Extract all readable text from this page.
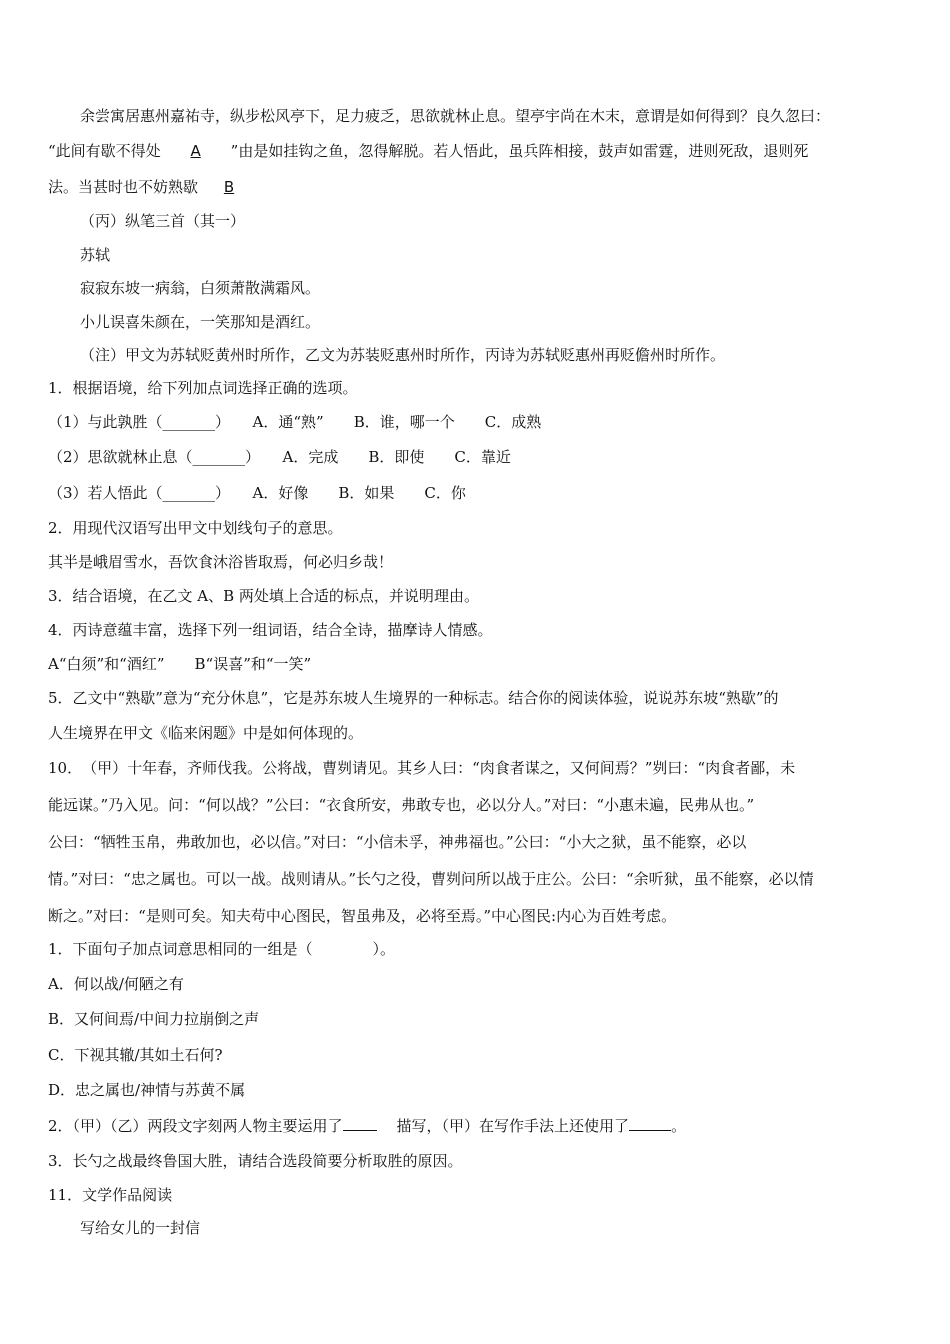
余尝寓居惠州嘉祐寺，纵步松风亭下，足力疲乏，思欲就林止息。望亭宇尚在木末，意谓是如何得到？良久忽曰：
“此间有歇不得处 A ”由是如挂钩之鱼，忽得解脱。若人悟此，虽兵阵相接，鼓声如雷霆，进则死敌，退则死
法。当甚时也不妨熟歇 B
（丙）纵笔三首（其一）
苏轼
寂寂东坡一病翁，白须萧散满霜风。
小儿误喜朱颜在，一笑那知是酒红。
（注）甲文为苏轼贬黄州时所作，乙文为苏装贬惠州时所作，丙诗为苏轼贬惠州再贬儋州时所作。
1．根据语境，给下列加点词选择正确的选项。
（1）与此孰胜（_______）　　A．通“熟”　　B．谁，哪一个　　C．成熟
（2）思欲就林止息（_______）　　A．完成　　B．即使　　C．靠近
（3）若人悟此（_______）　　A．好像　　B．如果　　C．你
2．用现代汉语写出甲文中划线句子的意思。
其半是峨眉雪水，吾饮食沐浴皆取焉，何必归乡哉！
3．结合语境，在乙文 A、B 两处填上合适的标点，并说明理由。
4．丙诗意蕴丰富，选择下列一组词语，结合全诗，描摩诗人情感。
A“白须”和“酒红”　　B“误喜”和“一笑”
5．乙文中“熟歇”意为“充分休息”，它是苏东坡人生境界的一种标志。结合你的阅读体验，说说苏东坡“熟歇”的
人生境界在甲文《临来闲题》中是如何体现的。
10．　（甲）十年春，齐师伐我。公将战，曹刿请见。其乡人曰：“肉食者谋之，又何间焉？”刿曰：“肉食者鄙，未
能远谋。”乃入见。问：“何以战？”公曰：“衣食所安，弗敢专也，必以分人。”对曰：“小惠未遍，民弗从也。”
公曰：“牺牲玉帛，弗敢加也，必以信。”对曰：“小信未孚，神弗福也。”公曰：“小大之狱，虽不能察，必以
情。”对曰：“忠之属也。可以一战。战则请从。”长勺之役，曹刿问所以战于庄公。公曰：“余听狱，虽不能察，必以情
断之。”对曰：“是则可矣。知夫苟中心图民，智虽弗及，必将至焉。”中心图民:内心为百姓考虑。
1．下面句子加点词意思相同的一组是（　　　　）。
A．何以战/何陋之有
B．又何间焉/中间力拉崩倒之声
C．下视其辙/其如土石何?
D．忠之属也/神情与苏黄不属
2．（甲）（乙）两段文字刻两人物主要运用了	描写，（甲）在写作手法上还使用了	。
3．长勺之战最终鲁国大胜，请结合选段简要分析取胜的原因。
11．文学作品阅读
写给女儿的一封信
